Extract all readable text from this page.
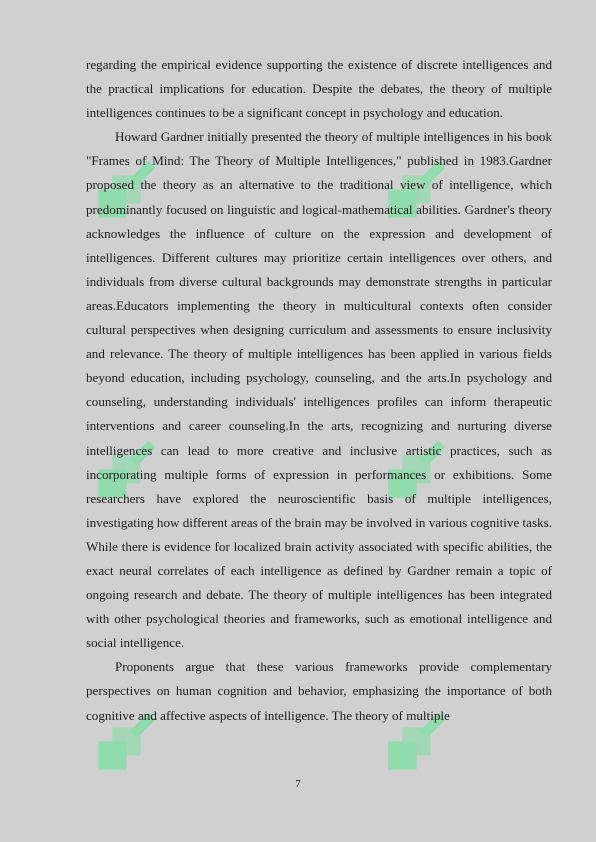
regarding the empirical evidence supporting the existence of discrete intelligences and the practical implications for education. Despite the debates, the theory of multiple intelligences continues to be a significant concept in psychology and education.

Howard Gardner initially presented the theory of multiple intelligences in his book "Frames of Mind: The Theory of Multiple Intelligences," published in 1983.Gardner proposed the theory as an alternative to the traditional view of intelligence, which predominantly focused on linguistic and logical-mathematical abilities. Gardner's theory acknowledges the influence of culture on the expression and development of intelligences. Different cultures may prioritize certain intelligences over others, and individuals from diverse cultural backgrounds may demonstrate strengths in particular areas.Educators implementing the theory in multicultural contexts often consider cultural perspectives when designing curriculum and assessments to ensure inclusivity and relevance. The theory of multiple intelligences has been applied in various fields beyond education, including psychology, counseling, and the arts.In psychology and counseling, understanding individuals' intelligences profiles can inform therapeutic interventions and career counseling.In the arts, recognizing and nurturing diverse intelligences can lead to more creative and inclusive artistic practices, such as incorporating multiple forms of expression in performances or exhibitions. Some researchers have explored the neuroscientific basis of multiple intelligences, investigating how different areas of the brain may be involved in various cognitive tasks. While there is evidence for localized brain activity associated with specific abilities, the exact neural correlates of each intelligence as defined by Gardner remain a topic of ongoing research and debate. The theory of multiple intelligences has been integrated with other psychological theories and frameworks, such as emotional intelligence and social intelligence.

Proponents argue that these various frameworks provide complementary perspectives on human cognition and behavior, emphasizing the importance of both cognitive and affective aspects of intelligence. The theory of multiple

7
